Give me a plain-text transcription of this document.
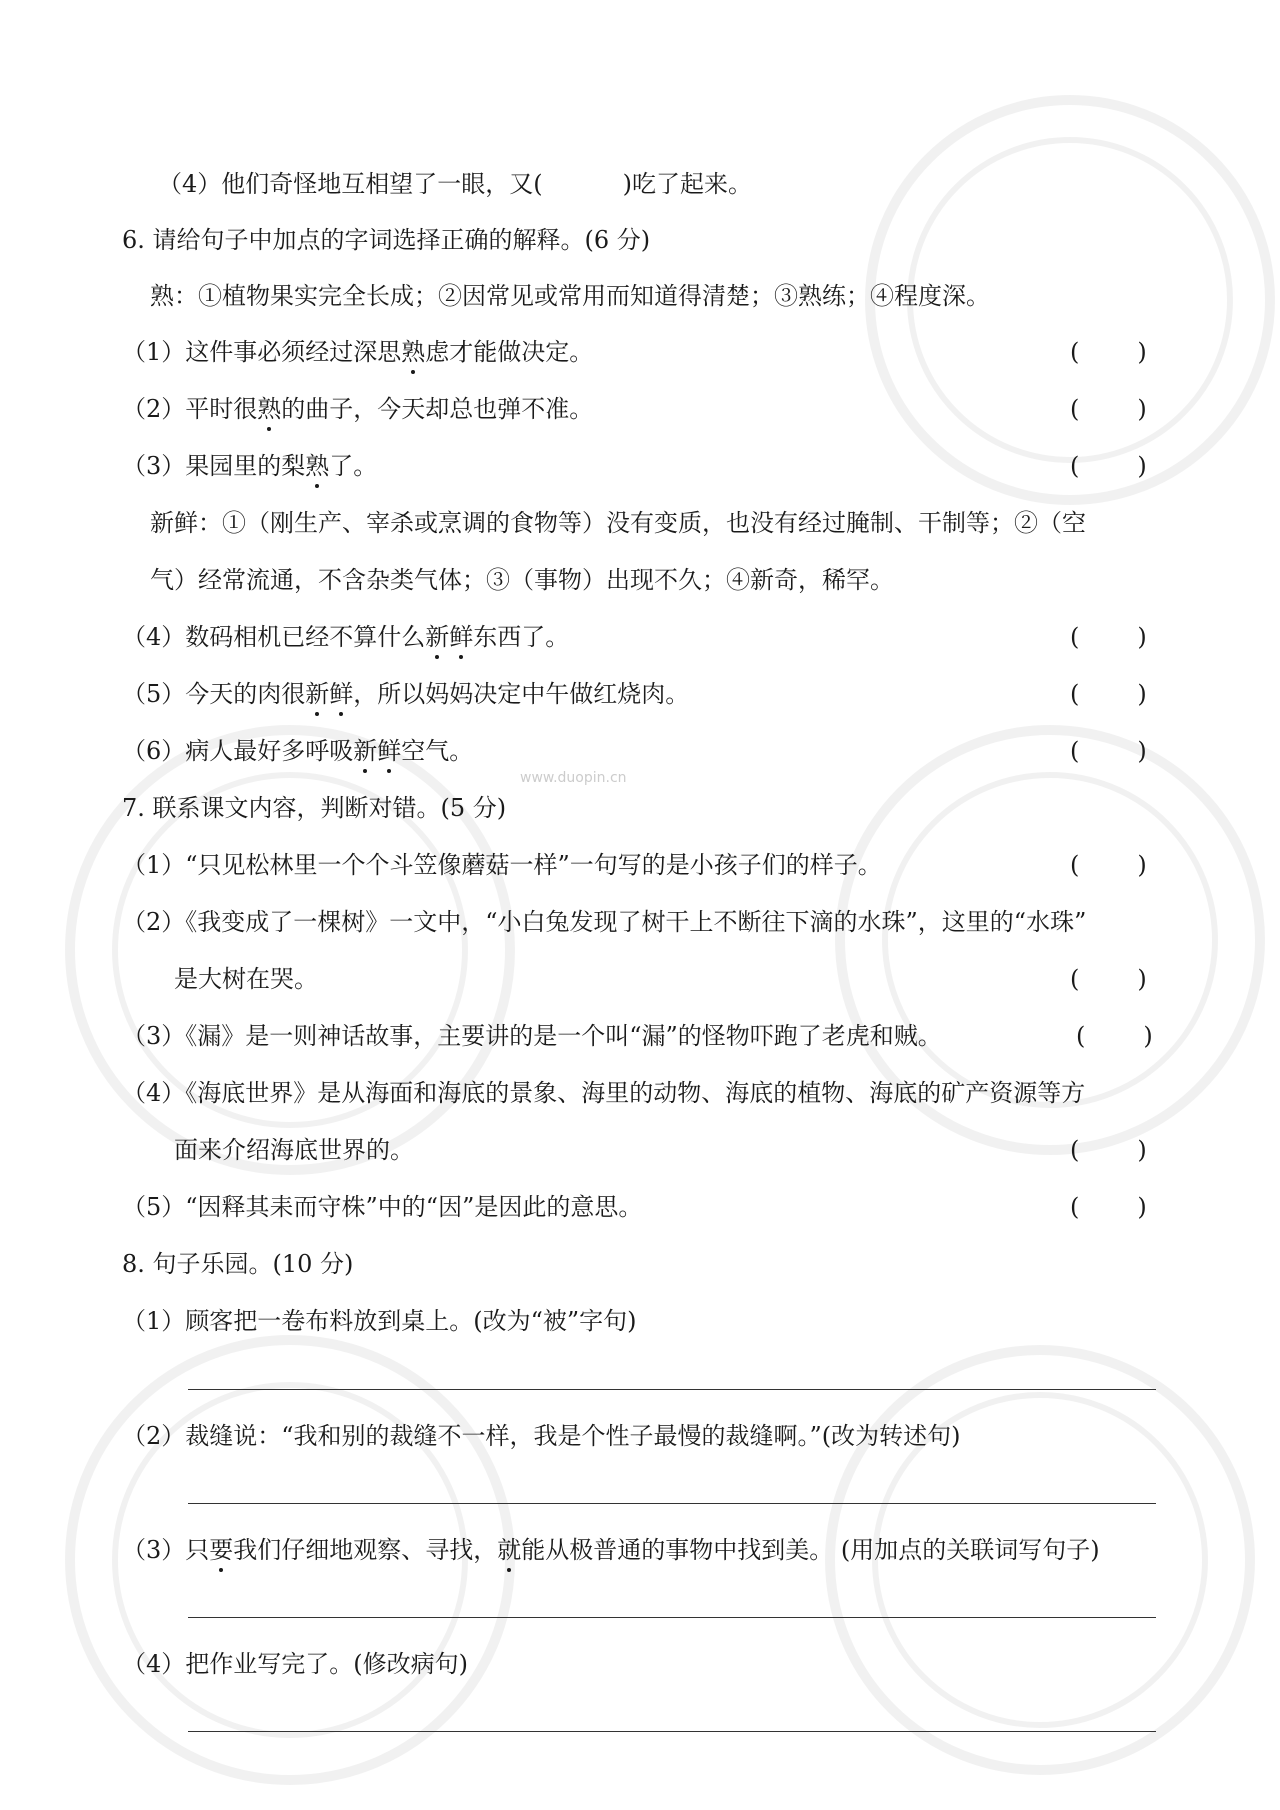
www.duopin.cn
（4）他们奇怪地互相望了一眼，又(	)吃了起来。
6. 请给句子中加点的字词选择正确的解释。(6 分)
熟：①植物果实完全长成；②因常见或常用而知道得清楚；③熟练；④程度深。
（1）这件事必须经过深思熟虑才能做决定。	( )
（2）平时很熟的曲子，今天却总也弹不准。	( )
（3）果园里的梨熟了。	( )
新鲜：①（刚生产、宰杀或烹调的食物等）没有变质，也没有经过腌制、干制等；②（空
气）经常流通，不含杂类气体；③（事物）出现不久；④新奇，稀罕。
（4）数码相机已经不算什么新鲜东西了。	( )
（5）今天的肉很新鲜，所以妈妈决定中午做红烧肉。	( )
（6）病人最好多呼吸新鲜空气。	( )
7. 联系课文内容，判断对错。(5 分)
（1）“只见松林里一个个斗笠像蘑菇一样”一句写的是小孩子们的样子。	( )
（2）《我变成了一棵树》一文中，“小白兔发现了树干上不断往下滴的水珠”，这里的“水珠”
是大树在哭。	( )
（3）《漏》是一则神话故事，主要讲的是一个叫“漏”的怪物吓跑了老虎和贼。	( )
（4）《海底世界》是从海面和海底的景象、海里的动物、海底的植物、海底的矿产资源等方
面来介绍海底世界的。	( )
（5）“因释其耒而守株”中的“因”是因此的意思。	( )
8. 句子乐园。(10 分)
（1）顾客把一卷布料放到桌上。(改为“被”字句)
（2）裁缝说：“我和别的裁缝不一样，我是个性子最慢的裁缝啊。”(改为转述句)
（3）只要我们仔细地观察、寻找，就能从极普通的事物中找到美。 (用加点的关联词写句子)
（4）把作业写完了。(修改病句)
